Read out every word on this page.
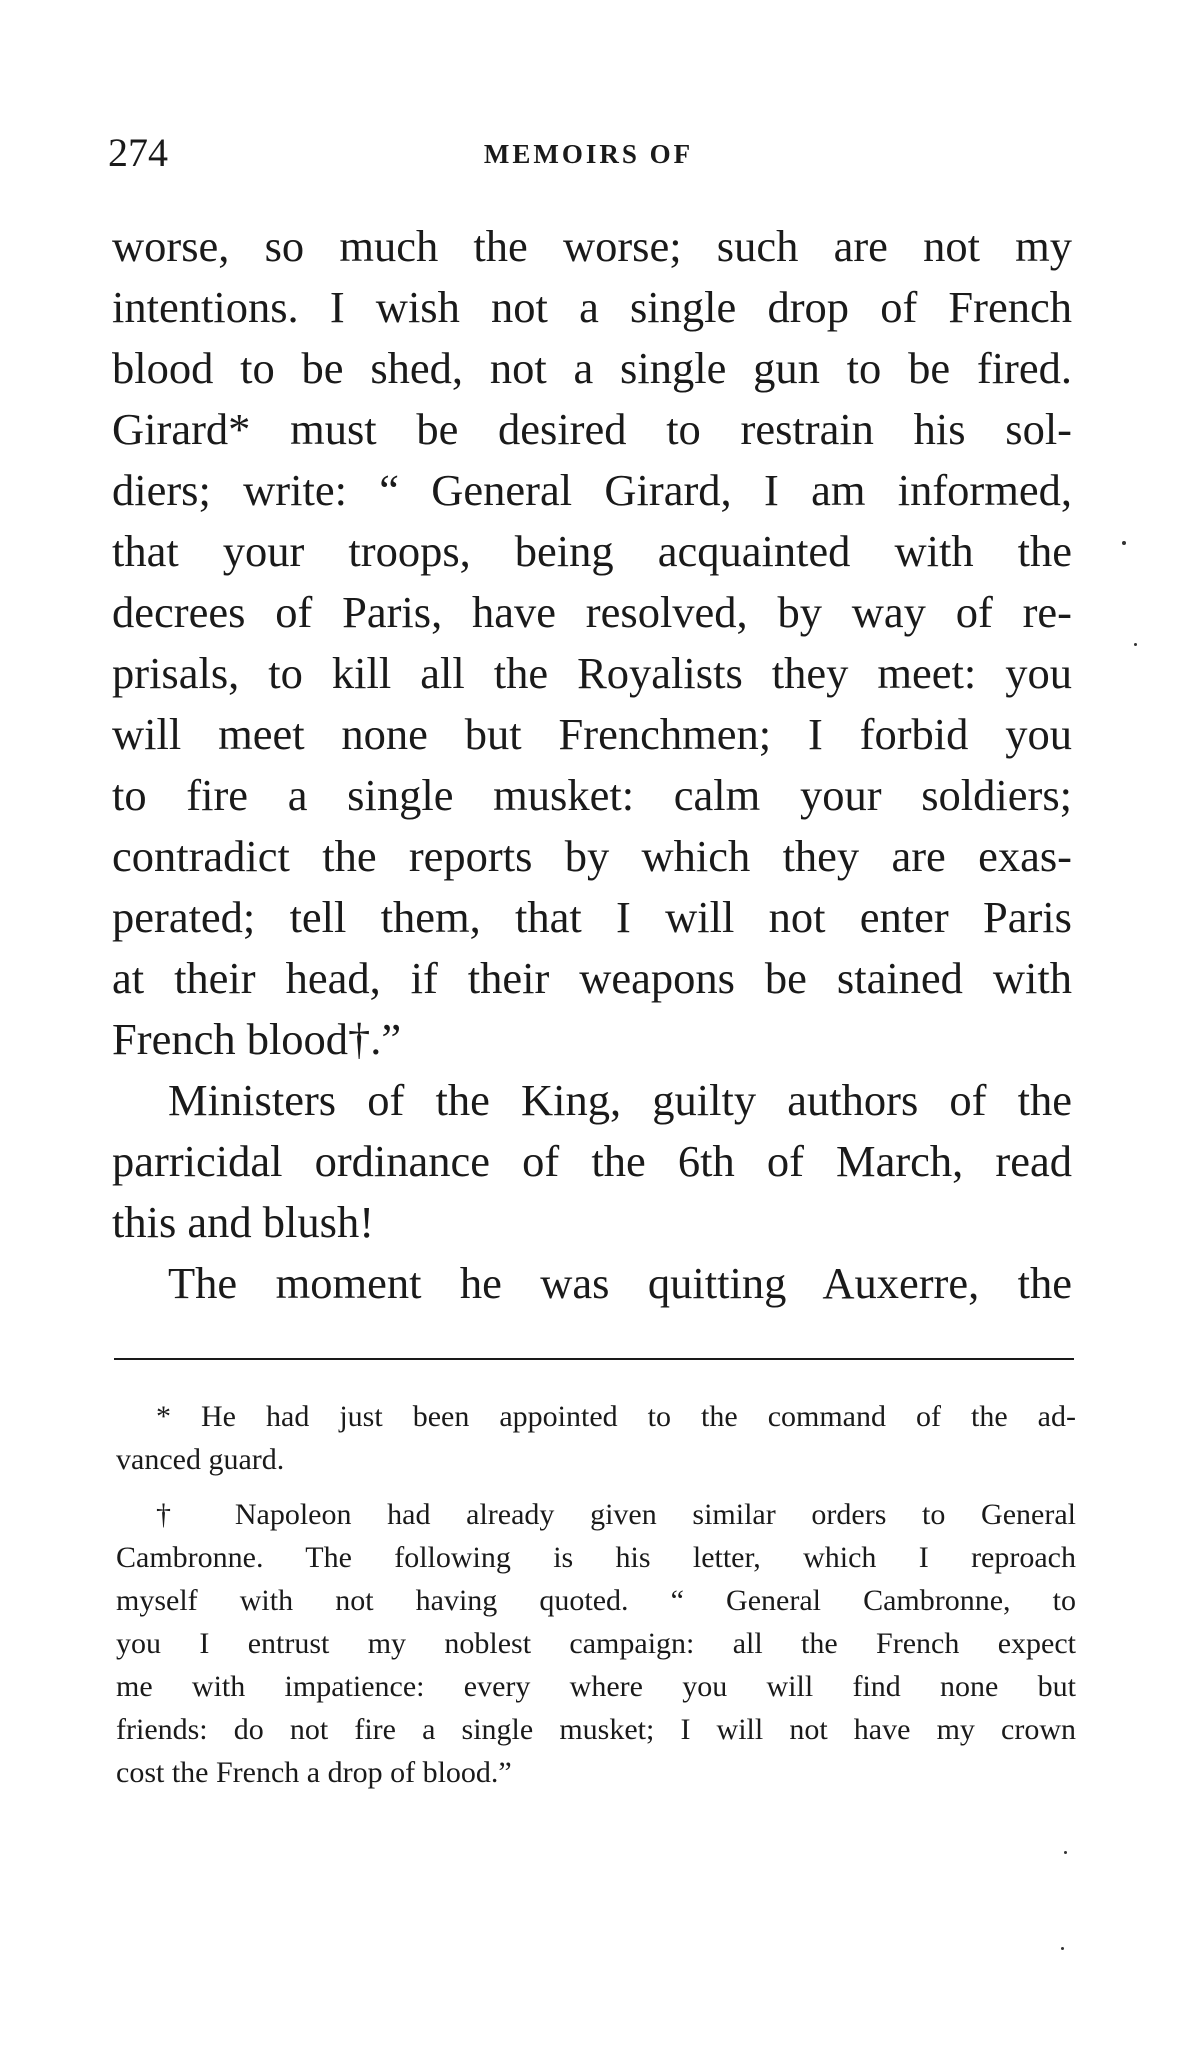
274	MEMOIRS OF
worse, so much the worse; such are not my
intentions. I wish not a single drop of French
blood to be shed, not a single gun to be fired.
Girard* must be desired to restrain his sol-
diers; write: “ General Girard, I am informed,
that your troops, being acquainted with the
decrees of Paris, have resolved, by way of re-
prisals, to kill all the Royalists they meet: you
will meet none but Frenchmen; I forbid you
to fire a single musket: calm your soldiers;
contradict the reports by which they are exas-
perated; tell them, that I will not enter Paris
at their head, if their weapons be stained with
French blood†.”
Ministers of the King, guilty authors of the
parricidal ordinance of the 6th of March, read
this and blush!
The moment he was quitting Auxerre, the
* He had just been appointed to the command of the ad-
vanced guard.
† Napoleon had already given similar orders to General
Cambronne. The following is his letter, which I reproach
myself with not having quoted. “ General Cambronne, to
you I entrust my noblest campaign: all the French expect
me with impatience: every where you will find none but
friends: do not fire a single musket; I will not have my crown
cost the French a drop of blood.”
